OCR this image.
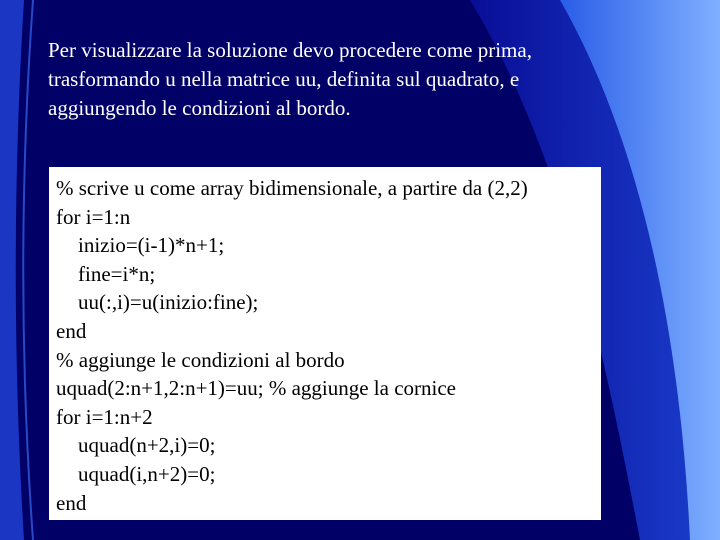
Per visualizzare la soluzione devo procedere come prima,
trasformando u nella matrice uu, definita sul quadrato, e
aggiungendo le condizioni al bordo.

% scrive u come array bidimensionale, a partire da (2,2)
for i=1:n
inizio=(i-1)*n+1;
fine=i*n;
uu(:,i)=u(inizio:fine);
end
% aggiunge le condizioni al bordo
uquad(2:n+1,2:n+1)=uu; % aggiunge la cornice
for i=1:n+2
uquad(n+2,i)=0;
uquad(i,n+2)=0;
end
